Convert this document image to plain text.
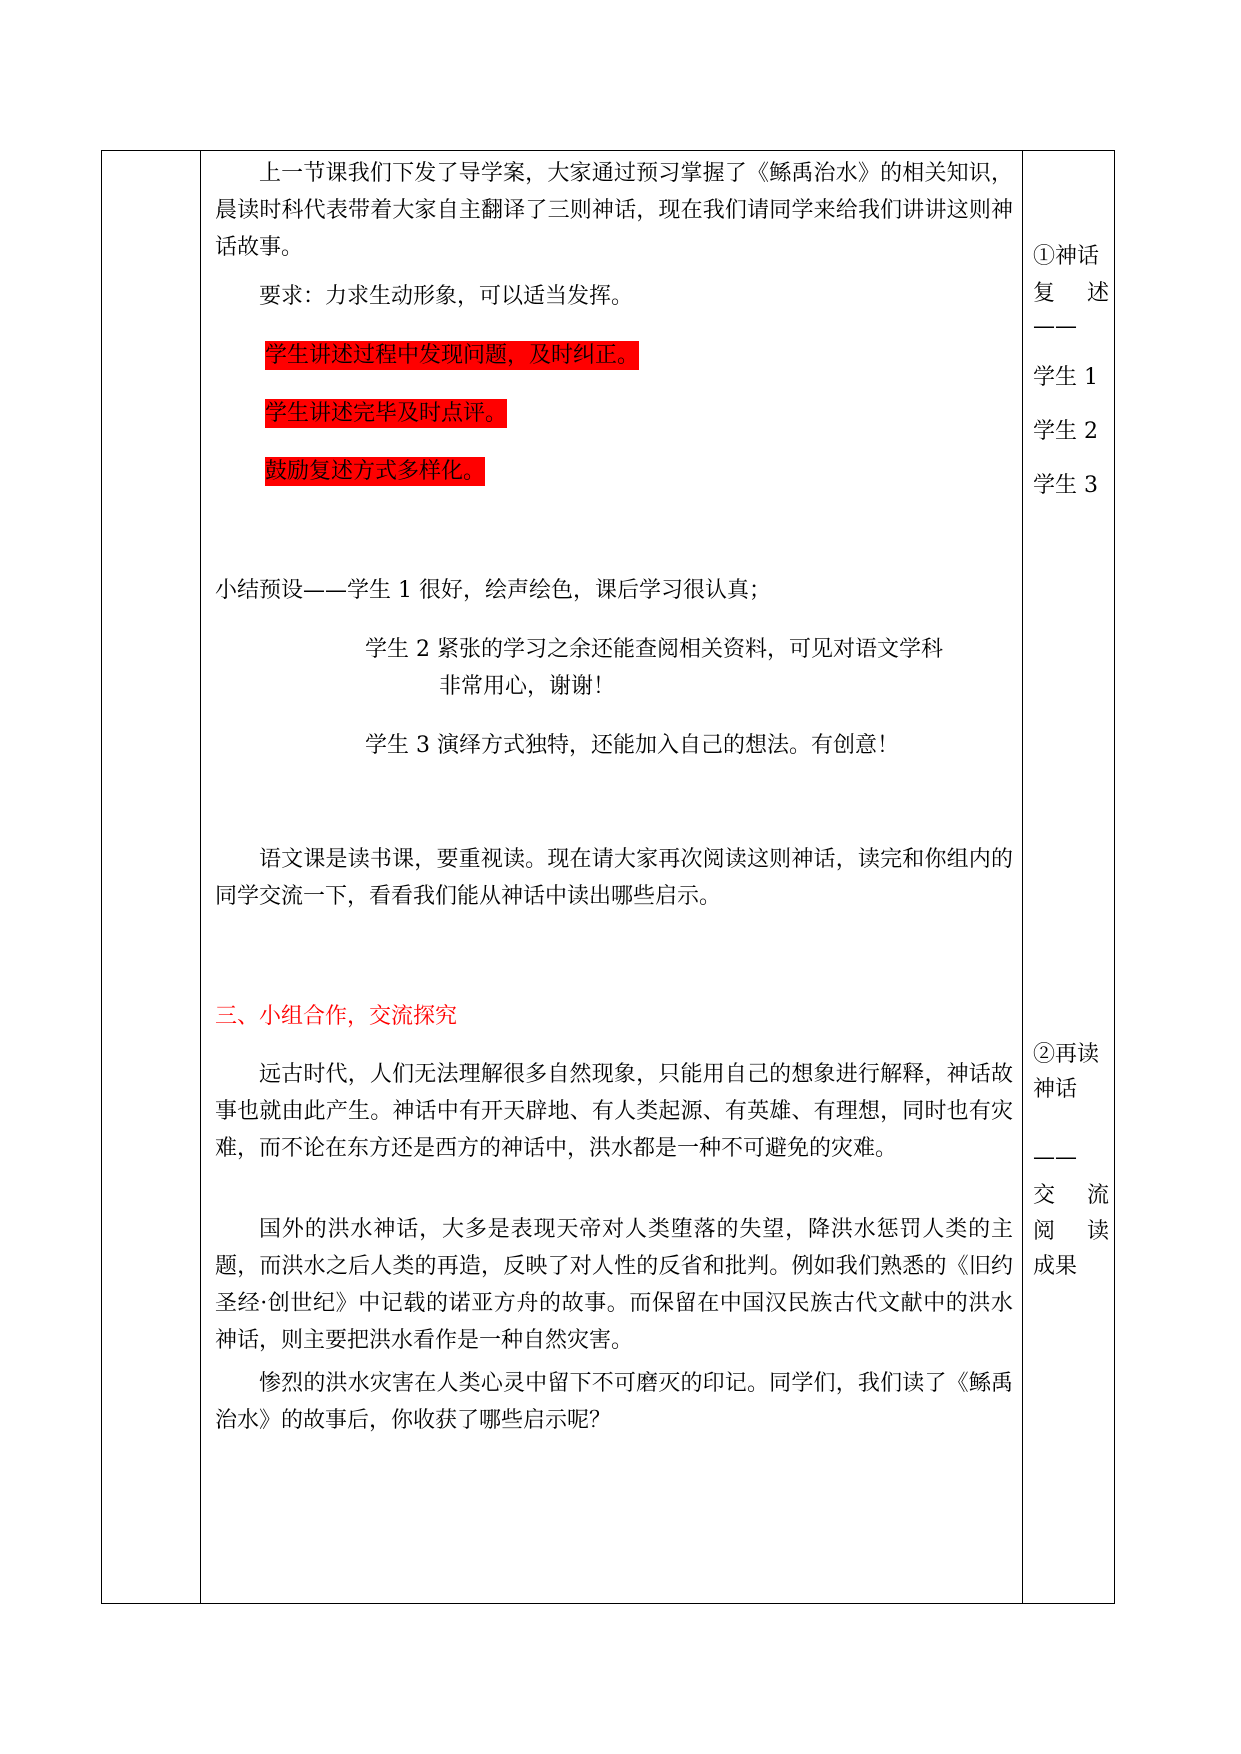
上一节课我们下发了导学案，大家通过预习掌握了《鲧禹治水》的相关知识，晨读时科代表带着大家自主翻译了三则神话，现在我们请同学来给我们讲讲这则神话故事。

要求：力求生动形象，可以适当发挥。

学生讲述过程中发现问题，及时纠正。

学生讲述完毕及时点评。

鼓励复述方式多样化。

小结预设——学生 1 很好，绘声绘色，课后学习很认真；

学生 2 紧张的学习之余还能查阅相关资料，可见对语文学科

非常用心，谢谢！

学生 3 演绎方式独特，还能加入自己的想法。有创意！

语文课是读书课，要重视读。现在请大家再次阅读这则神话，读完和你组内的同学交流一下，看看我们能从神话中读出哪些启示。

三、小组合作，交流探究

远古时代，人们无法理解很多自然现象，只能用自己的想象进行解释，神话故事也就由此产生。神话中有开天辟地、有人类起源、有英雄、有理想，同时也有灾难，而不论在东方还是西方的神话中，洪水都是一种不可避免的灾难。

国外的洪水神话，大多是表现天帝对人类堕落的失望，降洪水惩罚人类的主题，而洪水之后人类的再造，反映了对人性的反省和批判。例如我们熟悉的《旧约圣经·创世纪》中记载的诺亚方舟的故事。而保留在中国汉民族古代文献中的洪水神话，则主要把洪水看作是一种自然灾害。

惨烈的洪水灾害在人类心灵中留下不可磨灭的印记。同学们，我们读了《鲧禹治水》的故事后，你收获了哪些启示呢？

①神话

复述

——

学生 1

学生 2

学生 3

②再读

神话

——

交流

阅读

成果
